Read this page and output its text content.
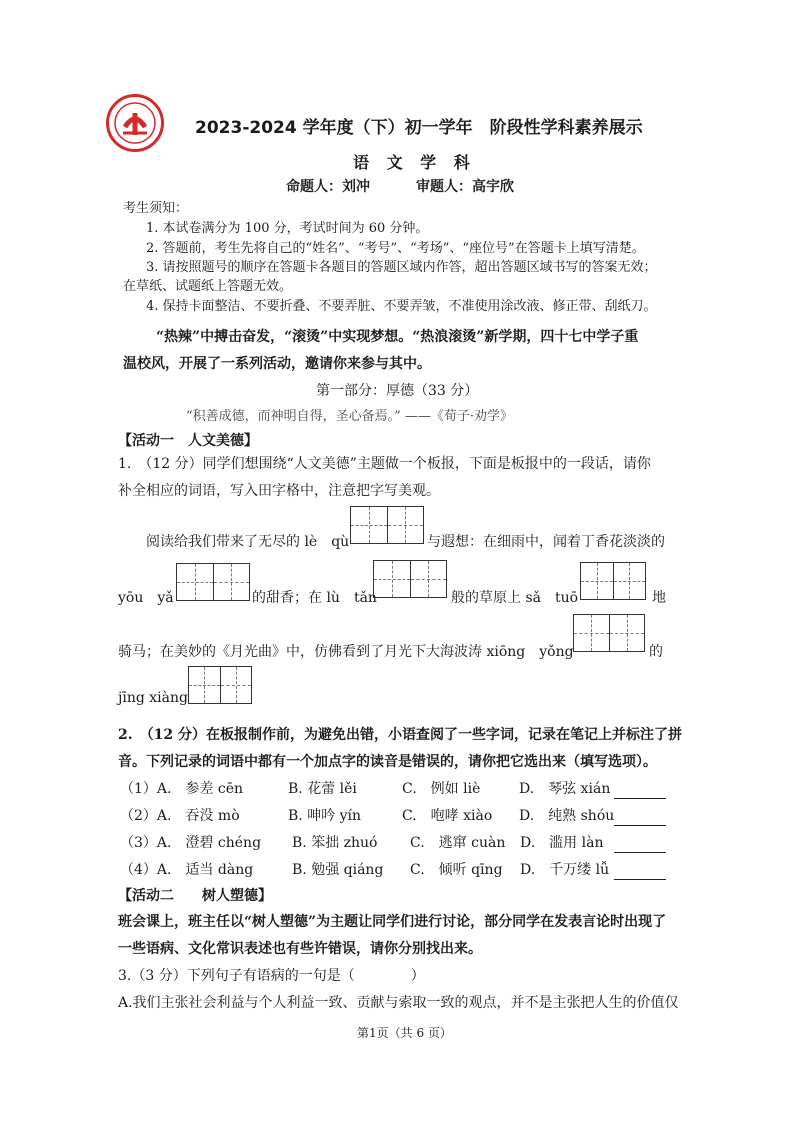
2023-2024 学年度（下）初一学年　阶段性学科素养展示
语 文 学 科
命题人：刘冲	审题人：高宇欣
考生须知：
1. 本试卷满分为 100 分，考试时间为 60 分钟。
2. 答题前，考生先将自己的“姓名”、“考号”、“考场”、“座位号”在答题卡上填写清楚。
3. 请按照题号的顺序在答题卡各题目的答题区域内作答，超出答题区域书写的答案无效；
在草纸、试题纸上答题无效。
4. 保持卡面整洁、不要折叠、不要弄脏、不要弄皱，不准使用涂改液、修正带、刮纸刀。
“热辣”中搏击奋发，“滚烫”中实现梦想。“热浪滚烫”新学期，四十七中学子重
温校风，开展了一系列活动，邀请你来参与其中。
第一部分：厚德（33 分）
“积善成德，而神明自得，圣心备焉。” ——《荀子·劝学》
【活动一　人文美德】
1.　（12 分）同学们想围绕“人文美德”主题做一个板报，下面是板报中的一段话，请你
补全相应的词语，写入田字格中，注意把字写美观。
阅读给我们带来了无尽的 lè　qù	与遐想：在细雨中，闻着丁香花淡淡的
yōu　yǎ	的甜香；在 lù　tǎn	般的草原上 sǎ　tuō	地
骑马；在美妙的《月光曲》中，仿佛看到了月光下大海波涛 xiōng　yǒng	的
jīng xiàng
2.　（12 分）在板报制作前，为避免出错，小语查阅了一些字词，记录在笔记上并标注了拼
音。下列记录的词语中都有一个加点字的读音是错误的，请你把它选出来（填写选项）。
（1）A.　参差 cēn	B. 花蕾 lěi	C.　例如 liè	D.　琴弦 xián
（2）A.　吞没 mò	B. 呻吟 yín	C.　咆哮 xiào D.　纯熟 shóu
（3）A.　澄碧 chéng B. 笨拙 zhuó C.　逃窜 cuàn D.　滥用 làn
（4）A.　适当 dàng	B. 勉强 qiáng C.　倾听 qīng D.　千万缕 lǚ
【活动二　　树人塑德】
班会课上，班主任以“树人塑德”为主题让同学们进行讨论，部分同学在发表言论时出现了
一些语病、文化常识表述也有些许错误，请你分别找出来。
3.（3 分）下列句子有语病的一句是（　　　　）
A.我们主张社会利益与个人利益一致、贡献与索取一致的观点，并不是主张把人生的价值仅
第1页（共 6 页）
